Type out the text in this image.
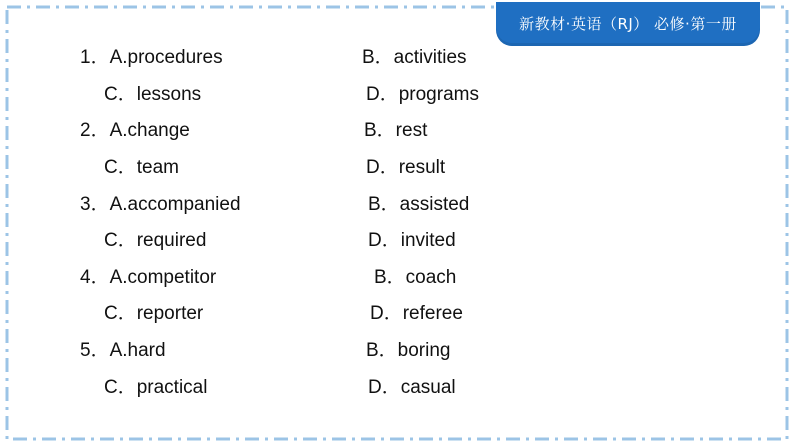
新教材·英语（RJ） 必修·第一册
1．A.procedures	B．activities
C．lessons	D．programs
2．A.change	B．rest
C．team	D．result
3．A.accompanied	B．assisted
C．required	D．invited
4．A.competitor	B．coach
C．reporter	D．referee
5．A.hard	B．boring
C．practical	D．casual
